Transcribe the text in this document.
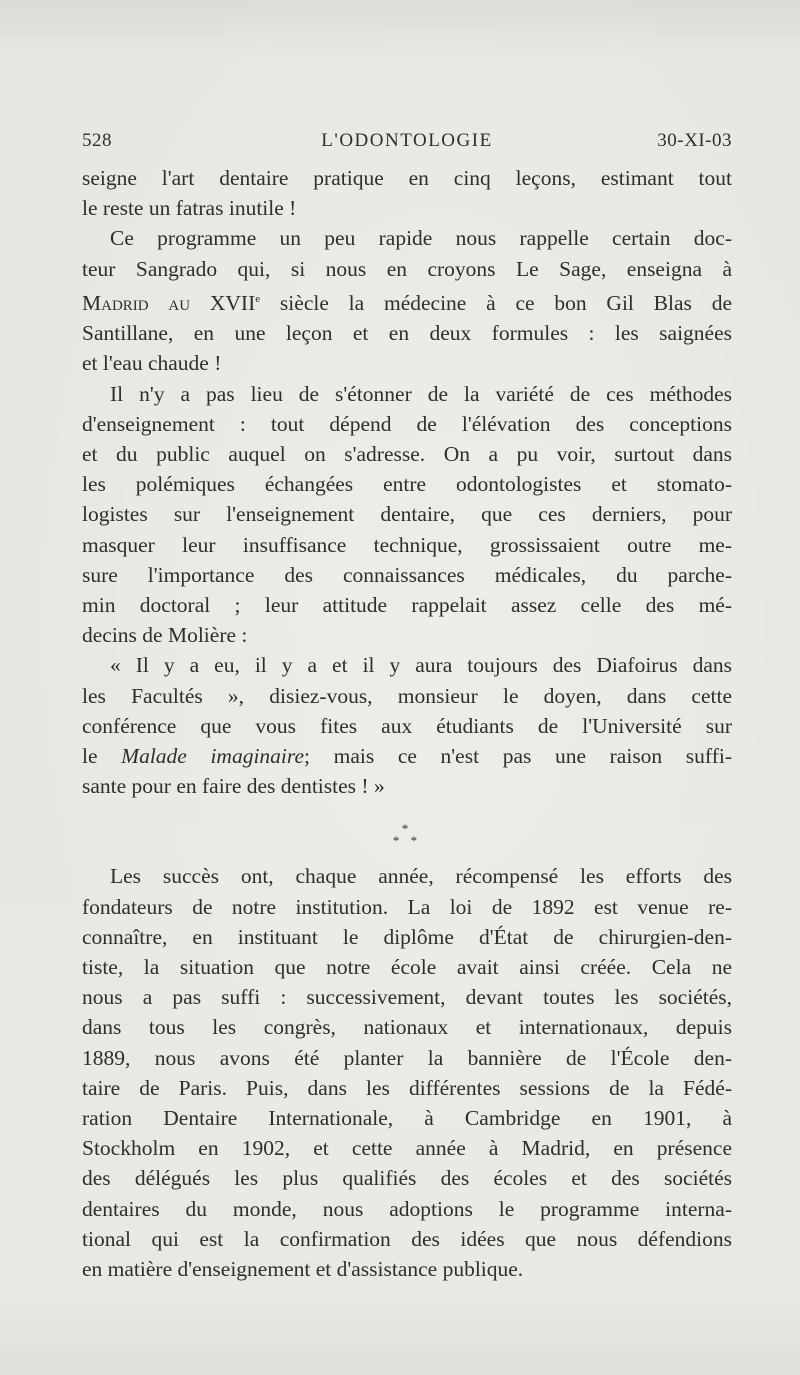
528	L'ODONTOLOGIE	30-XI-03
seigne l'art dentaire pratique en cinq leçons, estimant tout
le reste un fatras inutile !
Ce programme un peu rapide nous rappelle certain doc-
teur Sangrado qui, si nous en croyons Le Sage, enseigna à
Madrid au XVIIe siècle la médecine à ce bon Gil Blas de
Santillane, en une leçon et en deux formules : les saignées
et l'eau chaude !
Il n'y a pas lieu de s'étonner de la variété de ces méthodes
d'enseignement : tout dépend de l'élévation des conceptions
et du public auquel on s'adresse. On a pu voir, surtout dans
les polémiques échangées entre odontologistes et stomato-
logistes sur l'enseignement dentaire, que ces derniers, pour
masquer leur insuffisance technique, grossissaient outre me-
sure l'importance des connaissances médicales, du parche-
min doctoral ; leur attitude rappelait assez celle des mé-
decins de Molière :
« Il y a eu, il y a et il y aura toujours des Diafoirus dans
les Facultés », disiez-vous, monsieur le doyen, dans cette
conférence que vous fites aux étudiants de l'Université sur
le Malade imaginaire; mais ce n'est pas une raison suffi-
sante pour en faire des dentistes ! »
*
* *
Les succès ont, chaque année, récompensé les efforts des
fondateurs de notre institution. La loi de 1892 est venue re-
connaître, en instituant le diplôme d'État de chirurgien-den-
tiste, la situation que notre école avait ainsi créée. Cela ne
nous a pas suffi : successivement, devant toutes les sociétés,
dans tous les congrès, nationaux et internationaux, depuis
1889, nous avons été planter la bannière de l'École den-
taire de Paris. Puis, dans les différentes sessions de la Fédé-
ration Dentaire Internationale, à Cambridge en 1901, à
Stockholm en 1902, et cette année à Madrid, en présence
des délégués les plus qualifiés des écoles et des sociétés
dentaires du monde, nous adoptions le programme interna-
tional qui est la confirmation des idées que nous défendions
en matière d'enseignement et d'assistance publique.
